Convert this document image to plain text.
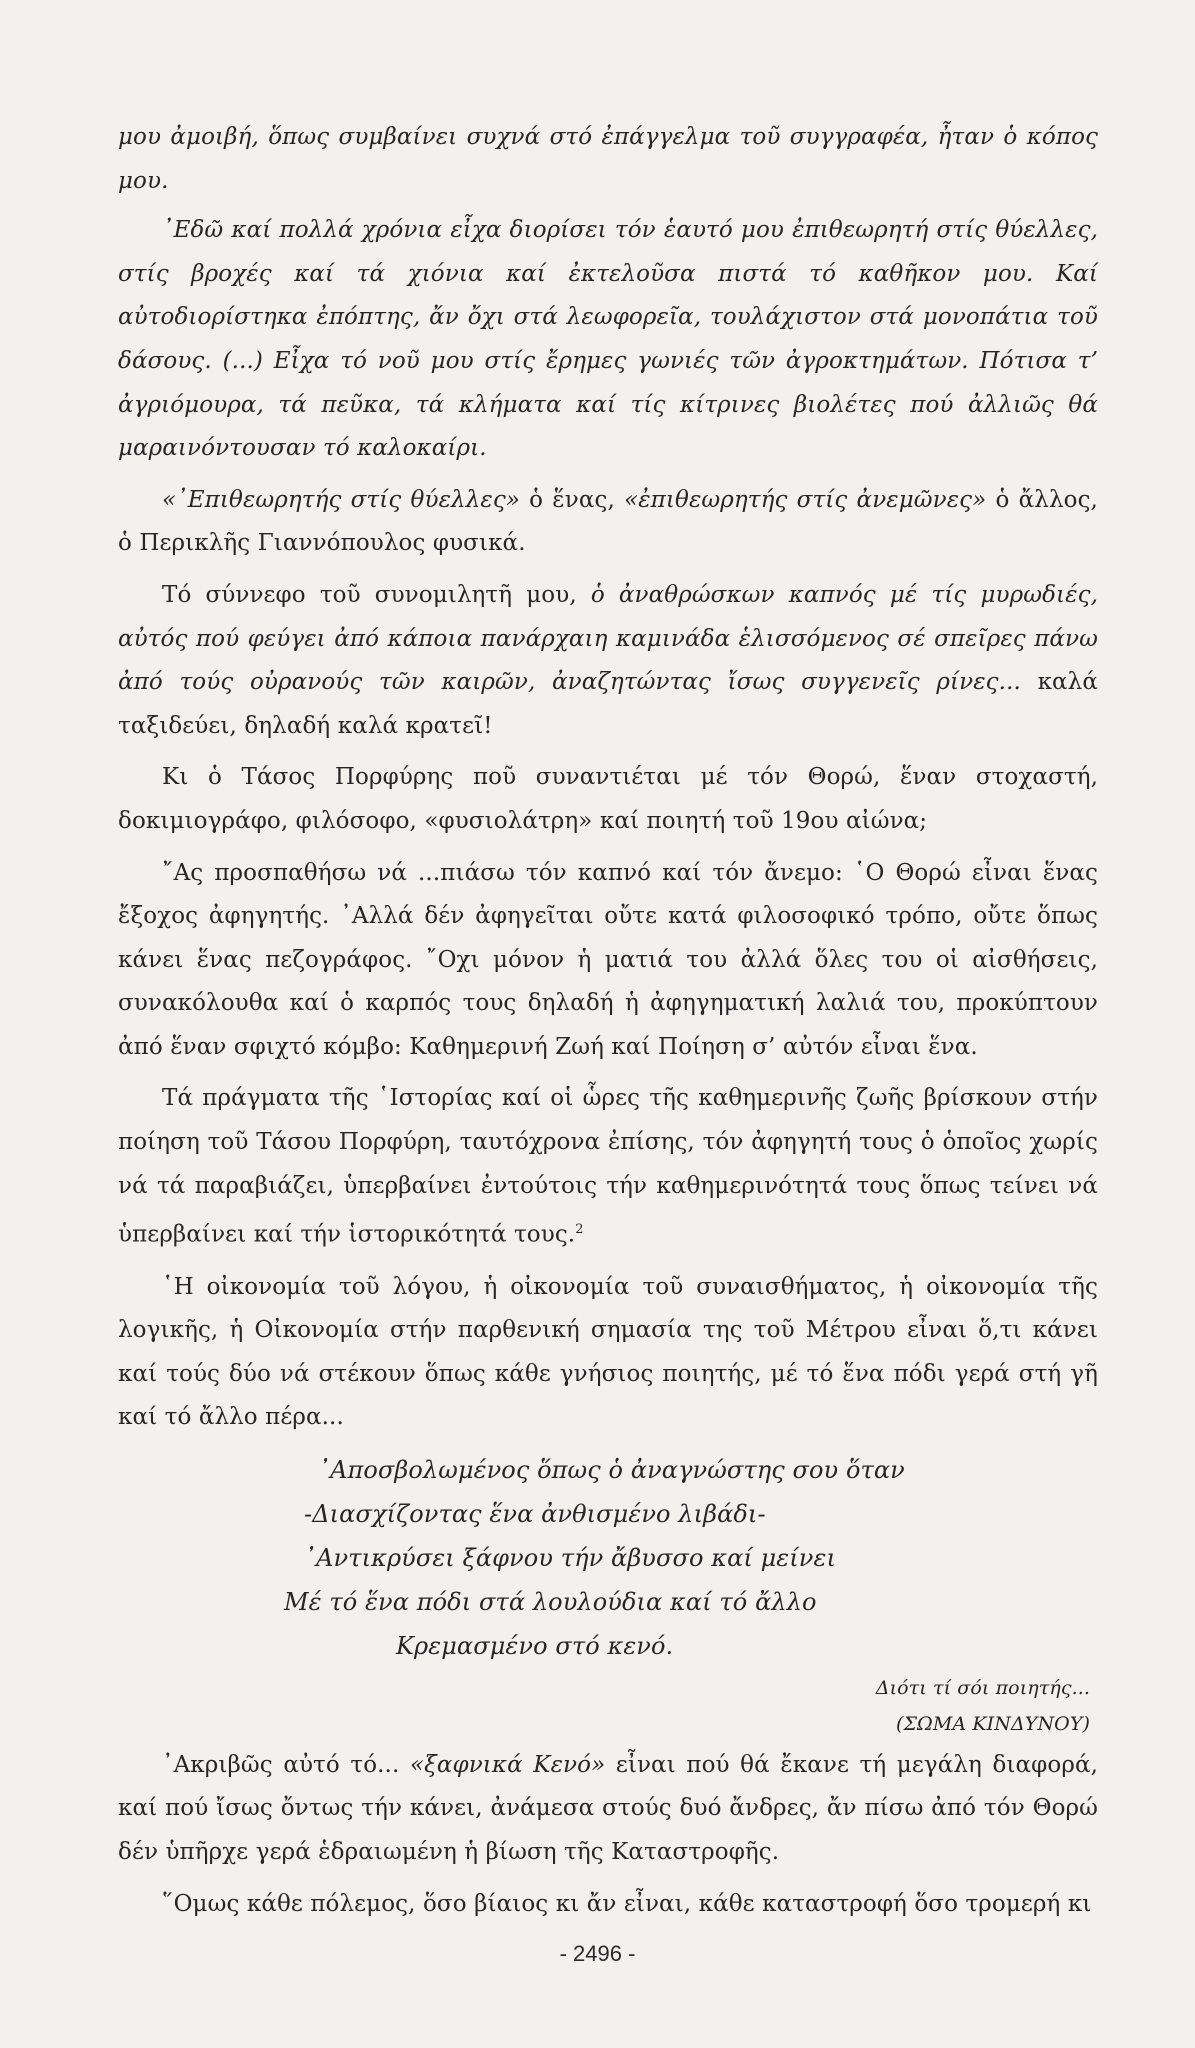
μου ἀμοιβή, ὅπως συμβαίνει συχνά στό ἐπάγγελμα τοῦ συγγραφέα, ἦταν ὁ κόπος μου.

᾿Εδῶ καί πολλά χρόνια εἶχα διορίσει τόν ἑαυτό μου ἐπιθεωρητή στίς θύελλες, στίς βροχές καί τά χιόνια καί ἐκτελοῦσα πιστά τό καθῆκον μου. Καί αὐτοδιορίστηκα ἐπόπτης, ἄν ὄχι στά λεωφορεῖα, τουλάχιστον στά μονοπάτια τοῦ δάσους. (...) Εἶχα τό νοῦ μου στίς ἔρημες γωνιές τῶν ἀγροκτημάτων. Πότισα τ’ ἀγριόμουρα, τά πεῦκα, τά κλήματα καί τίς κίτρινες βιολέτες πού ἀλλιῶς θά μαραινόντουσαν τό καλοκαίρι.

«᾿Επιθεωρητής στίς θύελλες» ὁ ἕνας, «ἐπιθεωρητής στίς ἀνεμῶνες» ὁ ἄλλος, ὁ Περικλῆς Γιαννόπουλος φυσικά.

Τό σύννεφο τοῦ συνομιλητῆ μου, ὁ ἀναθρώσκων καπνός μέ τίς μυρωδιές, αὐτός πού φεύγει ἀπό κάποια πανάρχαιη καμινάδα ἑλισσόμενος σέ σπεῖρες πάνω ἀπό τούς οὐρανούς τῶν καιρῶν, ἀναζητώντας ἴσως συγγενεῖς ρίνες... καλά ταξιδεύει, δηλαδή καλά κρατεῖ!

Κι ὁ Τάσος Πορφύρης ποῦ συναντιέται μέ τόν Θορώ, ἕναν στοχαστή, δοκιμιογράφο, φιλόσοφο, «φυσιολάτρη» καί ποιητή τοῦ 19ου αἰώνα;

῎Ας προσπαθήσω νά ...πιάσω τόν καπνό καί τόν ἄνεμο: ῾Ο Θορώ εἶναι ἕνας ἔξοχος ἀφηγητής. ᾿Αλλά δέν ἀφηγεῖται οὔτε κατά φιλοσοφικό τρόπο, οὔτε ὅπως κάνει ἕνας πεζογράφος. ῎Οχι μόνον ἡ ματιά του ἀλλά ὅλες του οἱ αἰσθήσεις, συνακόλουθα καί ὁ καρπός τους δηλαδή ἡ ἀφηγηματική λαλιά του, προκύπτουν ἀπό ἕναν σφιχτό κόμβο: Καθημερινή Ζωή καί Ποίηση σ’ αὐτόν εἶναι ἕνα.

Τά πράγματα τῆς ῾Ιστορίας καί οἱ ὧρες τῆς καθημερινῆς ζωῆς βρίσκουν στήν ποίηση τοῦ Τάσου Πορφύρη, ταυτόχρονα ἐπίσης, τόν ἀφηγητή τους ὁ ὁποῖος χωρίς νά τά παραβιάζει, ὑπερβαίνει ἐντούτοις τήν καθημερινότητά τους ὅπως τείνει νά ὑπερβαίνει καί τήν ἱστορικότητά τους.$^2$

῾Η οἰκονομία τοῦ λόγου, ἡ οἰκονομία τοῦ συναισθήματος, ἡ οἰκονομία τῆς λογικῆς, ἡ Οἰκονομία στήν παρθενική σημασία της τοῦ Μέτρου εἶναι ὅ,τι κάνει καί τούς δύο νά στέκουν ὅπως κάθε γνήσιος ποιητής, μέ τό ἕνα πόδι γερά στή γῆ καί τό ἄλλο πέρα...

᾿Αποσβολωμένος ὅπως ὁ ἀναγνώστης σου ὅταν
-Διασχίζοντας ἕνα ἀνθισμένο λιβάδι-
᾿Αντικρύσει ξάφνου τήν ἄβυσσο καί μείνει
Μέ τό ἕνα πόδι στά λουλούδια καί τό ἄλλο
Κρεμασμένο στό κενό.
Διότι τί σόι ποιητής...
(ΣΩΜΑ ΚΙΝΔΥΝΟΥ)

᾿Ακριβῶς αὐτό τό... «ξαφνικά Κενό» εἶναι πού θά ἔκανε τή μεγάλη διαφορά, καί πού ἴσως ὄντως τήν κάνει, ἀνάμεσα στούς δυό ἄνδρες, ἄν πίσω ἀπό τόν Θορώ δέν ὑπῆρχε γερά ἑδραιωμένη ἡ βίωση τῆς Καταστροφῆς.

῞Ομως κάθε πόλεμος, ὅσο βίαιος κι ἄν εἶναι, κάθε καταστροφή ὅσο τρομερή κι

- 2496 -
